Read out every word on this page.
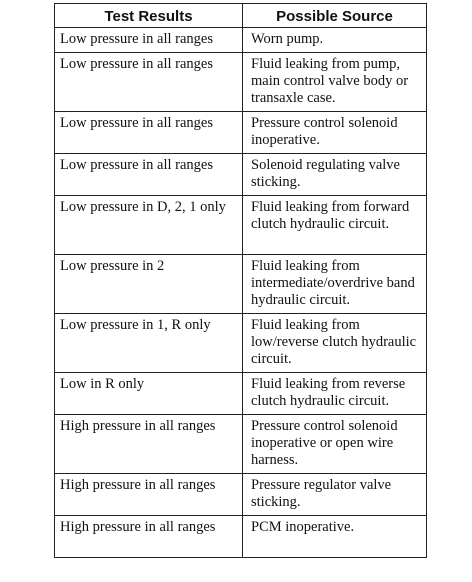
Test Results	Possible Source
Low pressure in all ranges	Worn pump.
Low pressure in all ranges	Fluid leaking from pump, main control valve body or transaxle case.
Low pressure in all ranges	Pressure control solenoid inoperative.
Low pressure in all ranges	Solenoid regulating valve sticking.
Low pressure in D, 2, 1 only	Fluid leaking from forward clutch hydraulic circuit.
Low pressure in 2	Fluid leaking from intermediate/overdrive band hydraulic circuit.
Low pressure in 1, R only	Fluid leaking from low/reverse clutch hydraulic circuit.
Low in R only	Fluid leaking from reverse clutch hydraulic circuit.
High pressure in all ranges	Pressure control solenoid inoperative or open wire harness.
High pressure in all ranges	Pressure regulator valve sticking.
High pressure in all ranges	PCM inoperative.
